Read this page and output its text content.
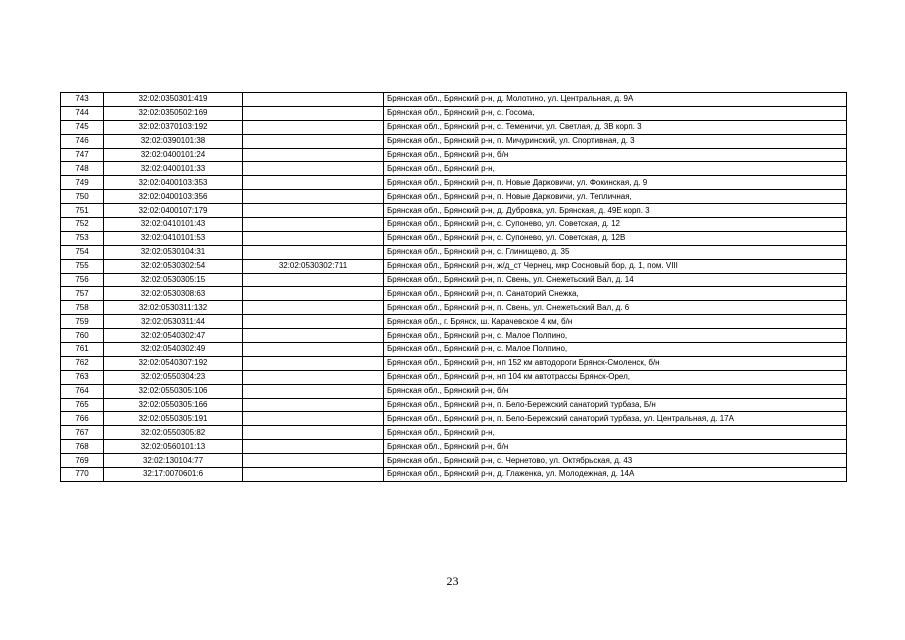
743	32:02:0350301:419		Брянская обл., Брянский р-н, д. Молотино, ул. Центральная, д. 9А
744	32:02:0350502:169		Брянская обл., Брянский р-н, с. Госома,
745	32:02:0370103:192		Брянская обл., Брянский р-н, с. Теменичи, ул. Светлая, д. 3В корп. 3
746	32:02:0390101:38		Брянская обл., Брянский р-н, п. Мичуринский, ул. Спортивная, д. 3
747	32:02:0400101:24		Брянская обл., Брянский р-н, б/н
748	32:02:0400101:33		Брянская обл., Брянский р-н,
749	32:02:0400103:353		Брянская обл., Брянский р-н, п. Новые Дарковичи, ул. Фокинская, д. 9
750	32:02:0400103:356		Брянская обл., Брянский р-н, п. Новые Дарковичи, ул. Тепличная,
751	32:02:0400107:179		Брянская обл., Брянский р-н, д. Дубровка, ул. Брянская, д. 49Е корп. 3
752	32:02:0410101:43		Брянская обл., Брянский р-н, с. Супонево, ул. Советская, д. 12
753	32:02:0410101:53		Брянская обл., Брянский р-н, с. Супонево, ул. Советская, д. 12В
754	32:02:0530104:31		Брянская обл., Брянский р-н, с. Глинищево, д. 35
755	32:02:0530302:54	32:02:0530302:711	Брянская обл., Брянский р-н, ж/д_ст Чернец, мкр Сосновый бор, д. 1, пом. VIII
756	32:02:0530305:15		Брянская обл., Брянский р-н, п. Свень, ул. Снежетьский Вал, д. 14
757	32:02:0530308:63		Брянская обл., Брянский р-н, п. Санаторий Снежка,
758	32:02:0530311:132		Брянская обл., Брянский р-н, п. Свень, ул. Снежетьский Вал, д. 6
759	32:02:0530311:44		Брянская обл., г. Брянск, ш. Карачевское 4 км, б/н
760	32:02:0540302:47		Брянская обл., Брянский р-н, с. Малое Полпино,
761	32:02:0540302:49		Брянская обл., Брянский р-н, с. Малое Полпино,
762	32:02:0540307:192		Брянская обл., Брянский р-н, нп 152 км автодороги Брянск-Смоленск, б/н
763	32:02:0550304:23		Брянская обл., Брянский р-н, нп 104 км автотрассы Брянск-Орел,
764	32:02:0550305:106		Брянская обл., Брянский р-н, б/н
765	32:02:0550305:166		Брянская обл., Брянский р-н, п. Бело-Бережский санаторий турбаза, Б/н
766	32:02:0550305:191		Брянская обл., Брянский р-н, п. Бело-Бережский санаторий турбаза, ул. Центральная, д. 17А
767	32:02:0550305:82		Брянская обл., Брянский р-н,
768	32:02:0560101:13		Брянская обл., Брянский р-н, б/н
769	32:02:130104:77		Брянская обл., Брянский р-н, с. Чернетово, ул. Октябрьская, д. 43
770	32:17:0070601:6		Брянская обл., Брянский р-н, д. Глаженка, ул. Молодежная, д. 14А
23
